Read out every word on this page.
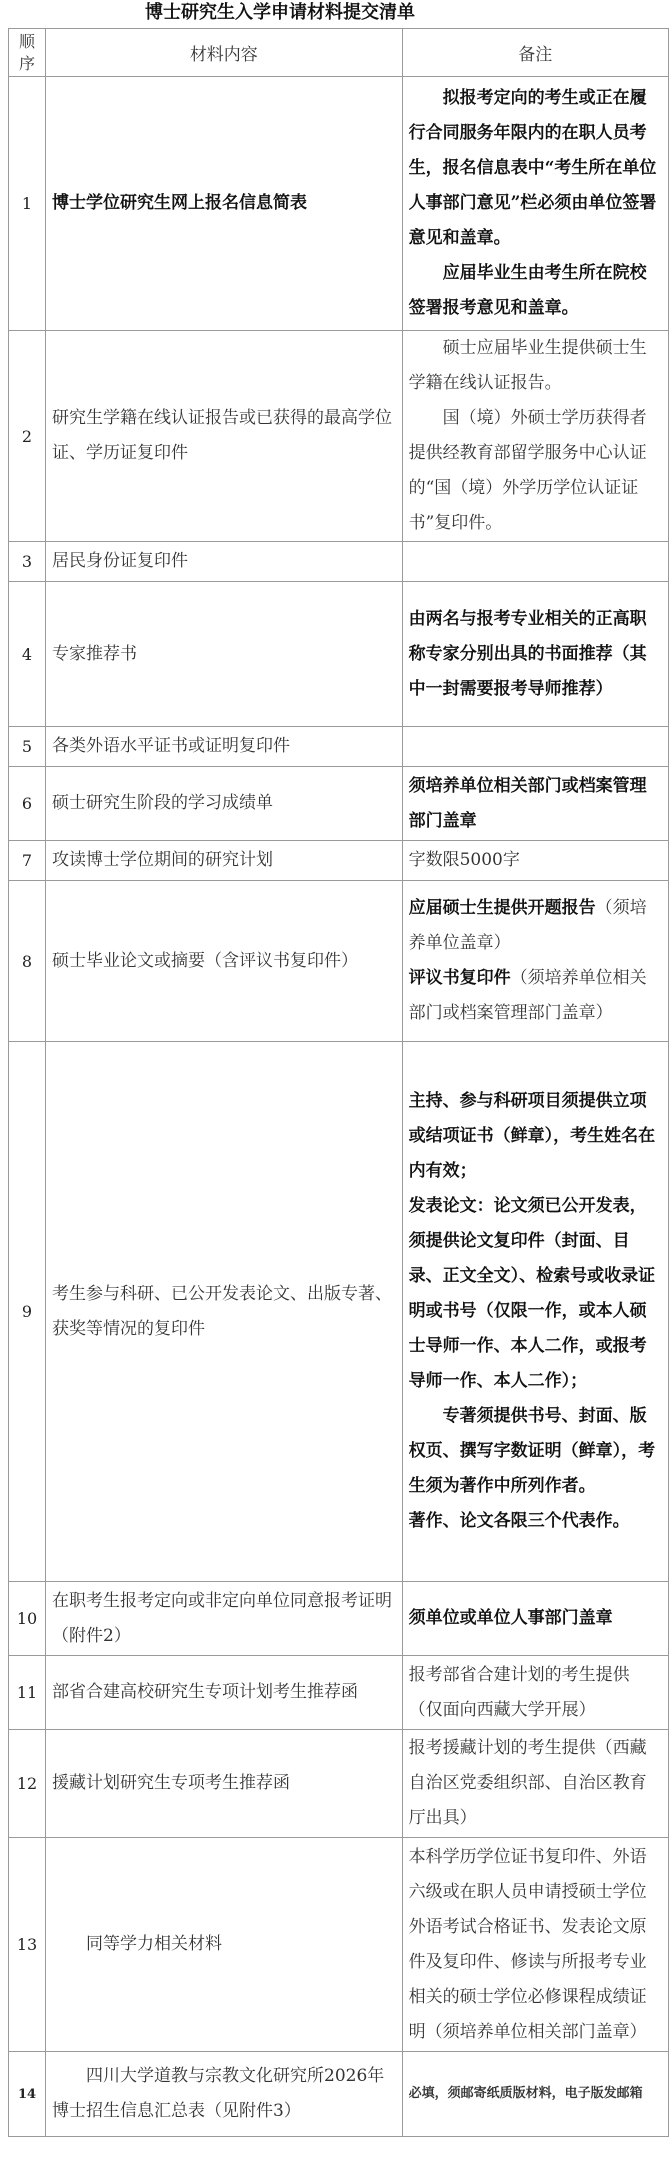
博士研究生入学申请材料提交清单
顺
序	材料内容	备注
1	博士学位研究生网上报名信息简表	拟报考定向的考生或正在履行合同服务年限内的在职人员考生，报名信息表中“考生所在单位人事部门意见”栏必须由单位签署意见和盖章。

应届毕业生由考生所在院校签署报考意见和盖章。

2	研究生学籍在线认证报告或已获得的最高学位证、学历证复印件	硕士应届毕业生提供硕士生学籍在线认证报告。

国（境）外硕士学历获得者提供经教育部留学服务中心认证的“国（境）外学历学位认证证书”复印件。

3	居民身份证复印件	
4	专家推荐书	由两名与报考专业相关的正高职称专家分别出具的书面推荐（其中一封需要报考导师推荐）
5	各类外语水平证书或证明复印件	
6	硕士研究生阶段的学习成绩单	须培养单位相关部门或档案管理部门盖章
7	攻读博士学位期间的研究计划	字数限5000字
8	硕士毕业论文或摘要（含评议书复印件）	应届硕士生提供开题报告（须培养单位盖章）

评议书复印件（须培养单位相关部门或档案管理部门盖章）

9	考生参与科研、已公开发表论文、出版专著、获奖等情况的复印件	主持、参与科研项目须提供立项或结项证书（鲜章），考生姓名在内有效；

发表论文：论文须已公开发表，须提供论文复印件（封面、目录、正文全文）、检索号或收录证明或书号（仅限一作，或本人硕士导师一作、本人二作，或报考导师一作、本人二作）；

专著须提供书号、封面、版权页、撰写字数证明（鲜章），考生须为著作中所列作者。

著作、论文各限三个代表作。

10	在职考生报考定向或非定向单位同意报考证明（附件2）	须单位或单位人事部门盖章
11	部省合建高校研究生专项计划考生推荐函	报考部省合建计划的考生提供（仅面向西藏大学开展）
12	援藏计划研究生专项考生推荐函	报考援藏计划的考生提供（西藏自治区党委组织部、自治区教育厅出具）
13	同等学力相关材料	本科学历学位证书复印件、外语六级或在职人员申请授硕士学位外语考试合格证书、发表论文原件及复印件、修读与所报考专业相关的硕士学位必修课程成绩证明（须培养单位相关部门盖章）
14	四川大学道教与宗教文化研究所2026年博士招生信息汇总表（见附件3）	必填，须邮寄纸质版材料，电子版发邮箱
